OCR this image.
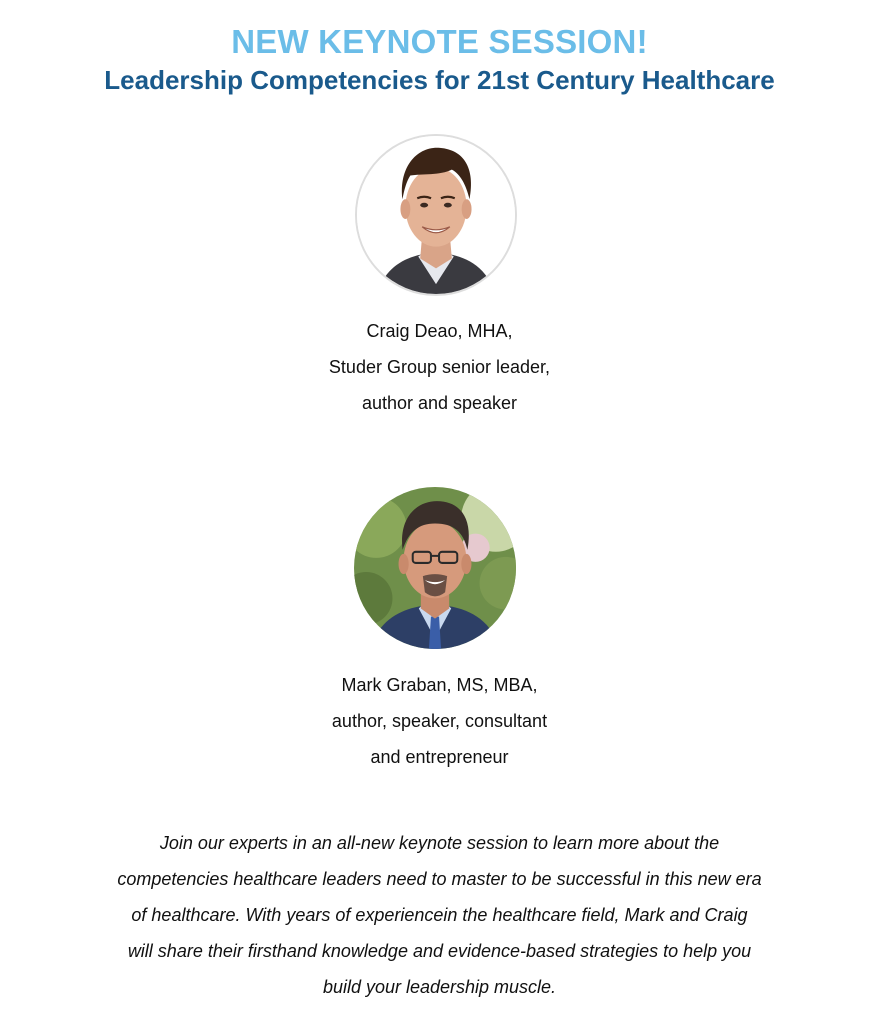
NEW KEYNOTE SESSION!
Leadership Competencies for 21st Century Healthcare
Craig Deao, MHA,
Studer Group senior leader,
author and speaker
Mark Graban, MS, MBA,
author, speaker, consultant
and entrepreneur
Join our experts in an all-new keynote session to learn more about the
competencies healthcare leaders need to master to be successful in this new era
of healthcare. With years of experiencein the healthcare field, Mark and Craig
will share their firsthand knowledge and evidence-based strategies to help you
build your leadership muscle.
